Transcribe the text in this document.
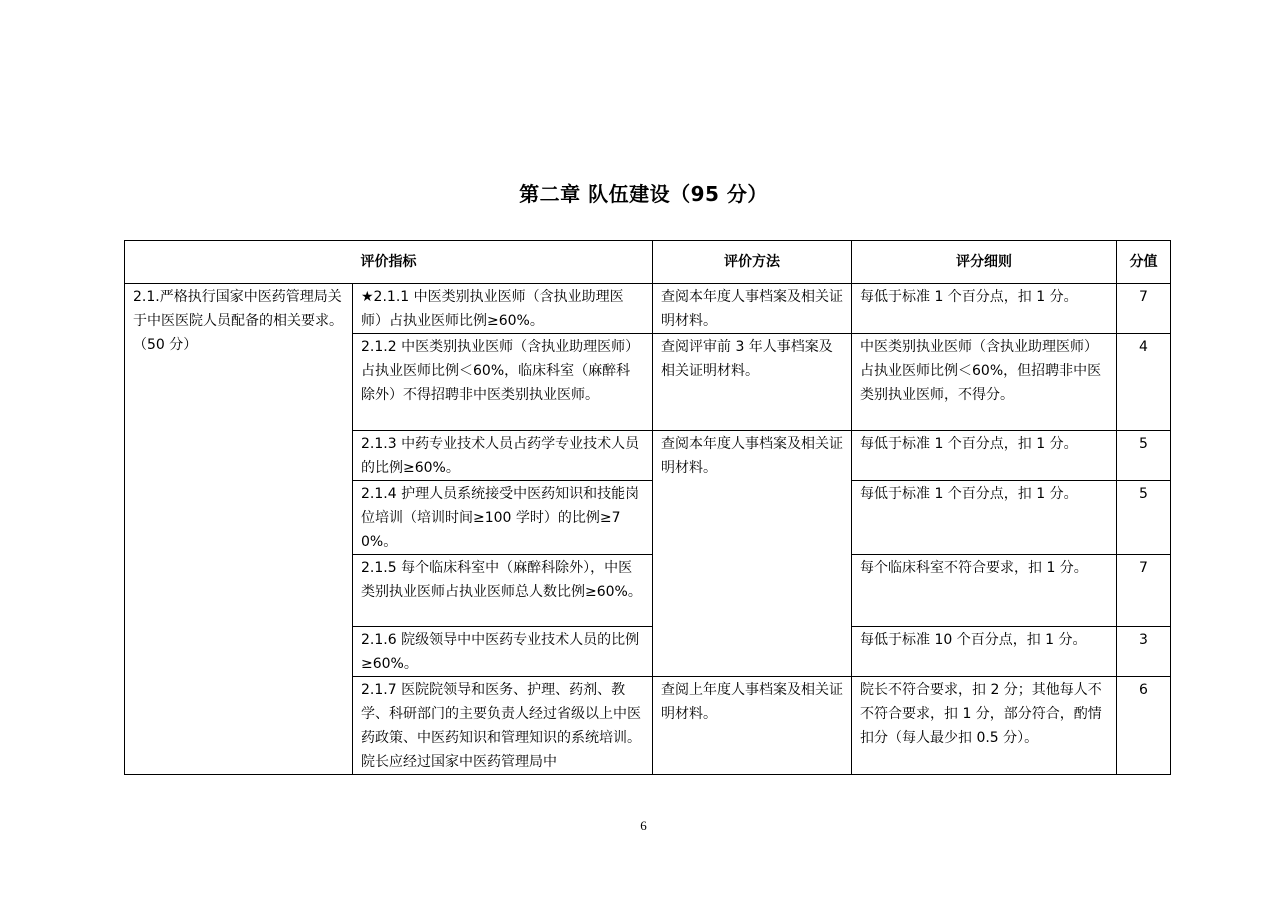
第二章 队伍建设（95 分）
评价指标		评价方法	评分细则	分值
2.1.严格执行国家中医药管理局关于中医医院人员配备的相关要求。（50 分）	★2.1.1 中医类别执业医师（含执业助理医师）占执业医师比例≥60%。	查阅本年度人事档案及相关证明材料。	每低于标准 1 个百分点，扣 1 分。	7
	2.1.2 中医类别执业医师（含执业助理医师）占执业医师比例＜60%，临床科室（麻醉科除外）不得招聘非中医类别执业医师。	查阅评审前 3 年人事档案及相关证明材料。	中医类别执业医师（含执业助理医师）占执业医师比例＜60%，但招聘非中医类别执业医师，不得分。	4
	2.1.3 中药专业技术人员占药学专业技术人员的比例≥60%。	查阅本年度人事档案及相关证明材料。	每低于标准 1 个百分点，扣 1 分。	5
	2.1.4 护理人员系统接受中医药知识和技能岗位培训（培训时间≥100 学时）的比例≥70%。		每低于标准 1 个百分点，扣 1 分。	5
	2.1.5 每个临床科室中（麻醉科除外），中医类别执业医师占执业医师总人数比例≥60%。		每个临床科室不符合要求，扣 1 分。	7
	2.1.6 院级领导中中医药专业技术人员的比例≥60%。		每低于标准 10 个百分点，扣 1 分。	3
	2.1.7 医院院领导和医务、护理、药剂、教学、科研部门的主要负责人经过省级以上中医药政策、中医药知识和管理知识的系统培训。院长应经过国家中医药管理局中	查阅上年度人事档案及相关证明材料。	院长不符合要求，扣 2 分；其他每人不不符合要求，扣 1 分，部分符合，酌情扣分（每人最少扣 0.5 分）。	6
6
